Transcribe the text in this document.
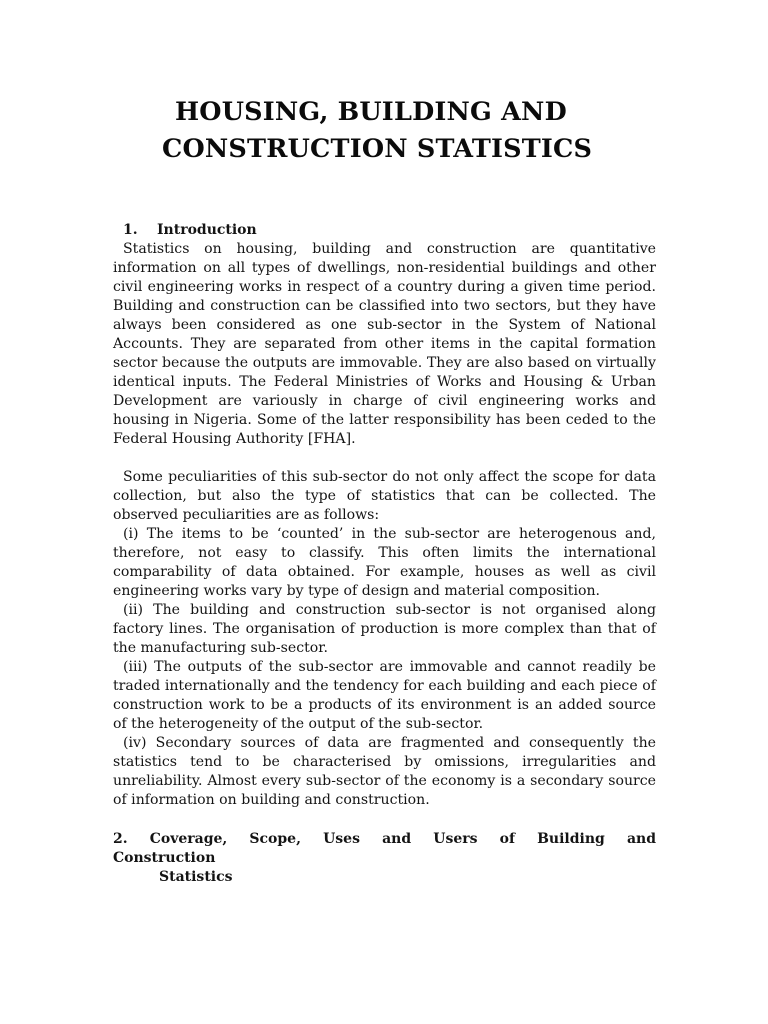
HOUSING, BUILDING AND
CONSTRUCTION STATISTICS
1. Introduction

Statistics on housing, building and construction are quantitative information on all types of dwellings, non-residential buildings and other civil engineering works in respect of a country during a given time period. Building and construction can be classified into two sectors, but they have always been considered as one sub-sector in the System of National Accounts. They are separated from other items in the capital formation sector because the outputs are immovable. They are also based on virtually identical inputs. The Federal Ministries of Works and Housing & Urban Development are variously in charge of civil engineering works and housing in Nigeria. Some of the latter responsibility has been ceded to the Federal Housing Authority [FHA].

Some peculiarities of this sub-sector do not only affect the scope for data collection, but also the type of statistics that can be collected. The observed peculiarities are as follows:

(i) The items to be ‘counted’ in the sub-sector are heterogenous and, therefore, not easy to classify. This often limits the international comparability of data obtained. For example, houses as well as civil engineering works vary by type of design and material composition.

(ii) The building and construction sub-sector is not organised along factory lines. The organisation of production is more complex than that of the manufacturing sub-sector.

(iii) The outputs of the sub-sector are immovable and cannot readily be traded internationally and the tendency for each building and each piece of construction work to be a products of its environment is an added source of the heterogeneity of the output of the sub-sector.

(iv) Secondary sources of data are fragmented and consequently the statistics tend to be characterised by omissions, irregularities and unreliability. Almost every sub-sector of the economy is a secondary source of information on building and construction.

2. Coverage, Scope, Uses and Users of Building and
Construction
Statistics
